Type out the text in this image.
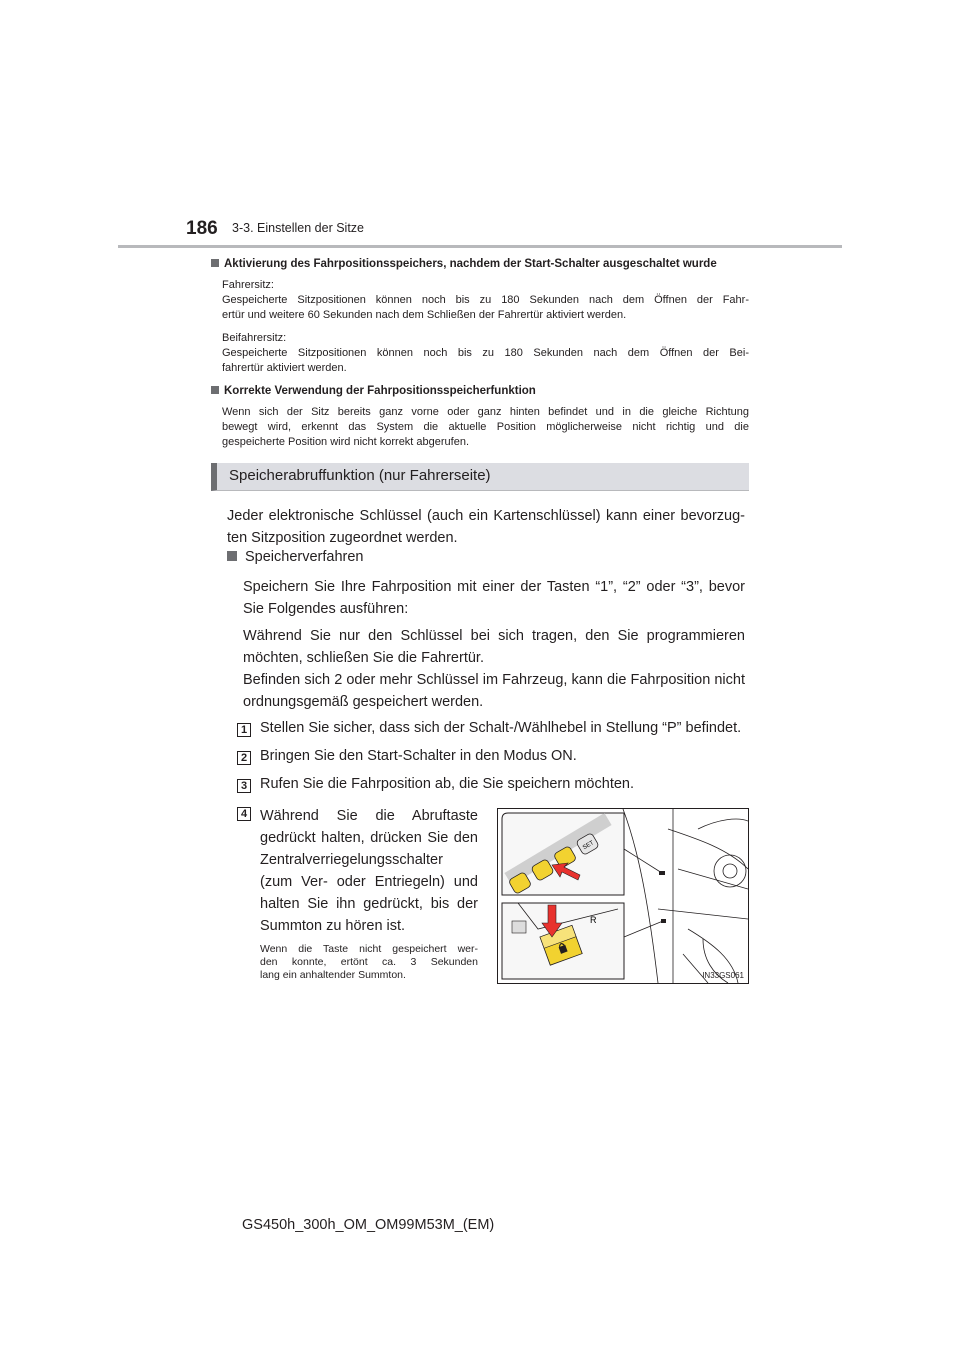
186 3-3. Einstellen der Sitze
Aktivierung des Fahrpositionsspeichers, nachdem der Start-Schalter ausgeschaltet wurde
Fahrersitz:
Gespeicherte Sitzpositionen können noch bis zu 180 Sekunden nach dem Öffnen der Fahr-
ertür und weitere 60 Sekunden nach dem Schließen der Fahrertür aktiviert werden.
Beifahrersitz:
Gespeicherte Sitzpositionen können noch bis zu 180 Sekunden nach dem Öffnen der Bei-
fahrertür aktiviert werden.
Korrekte Verwendung der Fahrpositionsspeicherfunktion
Wenn sich der Sitz bereits ganz vorne oder ganz hinten befindet und in die gleiche Richtung
bewegt wird, erkennt das System die aktuelle Position möglicherweise nicht richtig und die
gespeicherte Position wird nicht korrekt abgerufen.
Speicherabruffunktion (nur Fahrerseite)
Jeder elektronische Schlüssel (auch ein Kartenschlüssel) kann einer bevorzug-
ten Sitzposition zugeordnet werden.
Speicherverfahren
Speichern Sie Ihre Fahrposition mit einer der Tasten “1”, “2” oder “3”, bevor
Sie Folgendes ausführen:
Während Sie nur den Schlüssel bei sich tragen, den Sie programmieren
möchten, schließen Sie die Fahrertür.
Befinden sich 2 oder mehr Schlüssel im Fahrzeug, kann die Fahrposition nicht
ordnungsgemäß gespeichert werden.
1 Stellen Sie sicher, dass sich der Schalt-/Wählhebel in Stellung “P” befindet.
2 Bringen Sie den Start-Schalter in den Modus ON.
3 Rufen Sie die Fahrposition ab, die Sie speichern möchten.
4 Während Sie die Abruftaste
gedrückt halten, drücken Sie den
Zentralverriegelungsschalter
(zum Ver- oder Entriegeln) und
halten Sie ihn gedrückt, bis der
Summton zu hören ist.
Wenn die Taste nicht gespeichert wer-
den konnte, ertönt ca. 3 Sekunden
lang ein anhaltender Summton.
SET
R
IN33GS061
GS450h_300h_OM_OM99M53M_(EM)
